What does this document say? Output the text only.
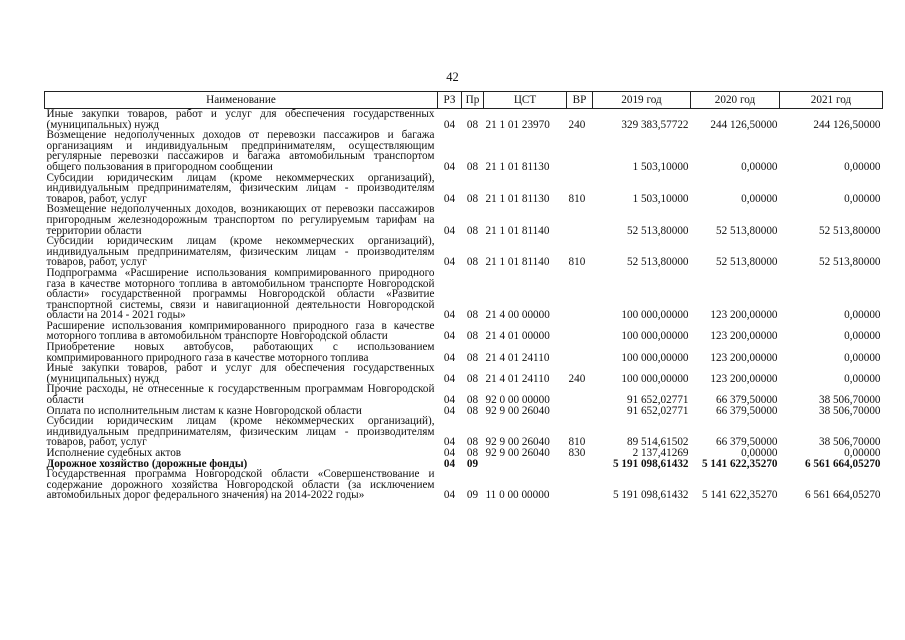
42
Наименование	РЗ	Пр	ЦСТ	ВР	2019 год	2020 год	2021 год
Иные закупки товаров, работ и услуг для обеспечения государственных (муниципальных) нужд	04	08	21 1 01 23970	240	329 383,57722	244 126,50000	244 126,50000
Возмещение недополученных доходов от перевозки пассажиров и багажа организациям и индивидуальным предпринимателям, осуществляющим регулярные перевозки пассажиров и багажа автомобильным транспортом общего пользования в пригородном сообщении	04	08	21 1 01 81130		1 503,10000	0,00000	0,00000
Субсидии юридическим лицам (кроме некоммерческих организаций), индивидуальным предпринимателям, физическим лицам - производителям товаров, работ, услуг	04	08	21 1 01 81130	810	1 503,10000	0,00000	0,00000
Возмещение недополученных доходов, возникающих от перевозки пассажиров пригородным железнодорожным транспортом по регулируемым тарифам на территории области	04	08	21 1 01 81140		52 513,80000	52 513,80000	52 513,80000
Субсидии юридическим лицам (кроме некоммерческих организаций), индивидуальным предпринимателям, физическим лицам - производителям товаров, работ, услуг	04	08	21 1 01 81140	810	52 513,80000	52 513,80000	52 513,80000
Подпрограмма «Расширение использования компримированного природного газа в качестве моторного топлива в автомобильном транспорте Новгородской области» государственной программы Новгородской области «Развитие транспортной системы, связи и навигационной деятельности Новгородской области на 2014 - 2021 годы»	04	08	21 4 00 00000		100 000,00000	123 200,00000	0,00000
Расширение использования компримированного природного газа в качестве моторного топлива в автомобильном транспорте Новгородской области	04	08	21 4 01 00000		100 000,00000	123 200,00000	0,00000
Приобретение новых автобусов, работающих с использованием компримированного природного газа в качестве моторного топлива	04	08	21 4 01 24110		100 000,00000	123 200,00000	0,00000
Иные закупки товаров, работ и услуг для обеспечения государственных (муниципальных) нужд	04	08	21 4 01 24110	240	100 000,00000	123 200,00000	0,00000
Прочие расходы, не отнесенные к государственным программам Новгородской области	04	08	92 0 00 00000		91 652,02771	66 379,50000	38 506,70000
Оплата по исполнительным листам к казне Новгородской области	04	08	92 9 00 26040		91 652,02771	66 379,50000	38 506,70000
Субсидии юридическим лицам (кроме некоммерческих организаций), индивидуальным предпринимателям, физическим лицам - производителям товаров, работ, услуг	04	08	92 9 00 26040	810	89 514,61502	66 379,50000	38 506,70000
Исполнение судебных актов	04	08	92 9 00 26040	830	2 137,41269	0,00000	0,00000
Дорожное хозяйство (дорожные фонды)	04	09			5 191 098,61432	5 141 622,35270	6 561 664,05270
Государственная программа Новгородской области «Совершенствование и содержание дорожного хозяйства Новгородской области (за исключением автомобильных дорог федерального значения) на 2014-2022 годы»	04	09	11 0 00 00000		5 191 098,61432	5 141 622,35270	6 561 664,05270
